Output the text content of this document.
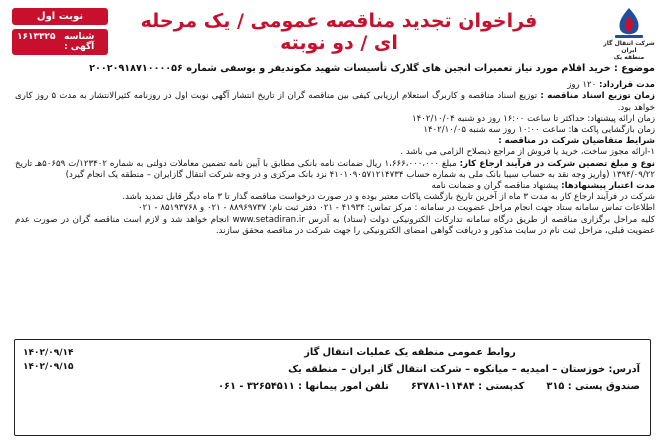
شرکت انتقال گاز ایران
منطقه یک
فراخوان تجدید مناقصه عمومی / یک مرحله ای / دو نوبته
نوبت اول
شناسه آگهی :
۱۶۱۳۳۲۵

موضوع : خرید اقلام مورد نیاز تعمیرات انجین های گلارک تأسیسات شهید مکوندیفر و یوسفی شماره ۲۰۰۲۰۹۱۸۷۱۰۰۰۰۵۶

مدت قرارداد: ۱۲۰ روز

زمان توزیع اسناد مناقصه : توزیع اسناد مناقصه و کاربرگ استعلام ارزیابی کیفی بین مناقصه گران از تاریخ انتشار آگهی نوبت اول در روزنامه کثیرالانتشار به مدت ۵ روز کاری خواهد بود.

زمان ارائه پیشنهاد: حداکثر تا ساعت ۱۶:۰۰ روز دو شنبه ۱۴۰۲/۱۰/۰۴

زمان بازگشایی پاکت ها: ساعت ۱۰:۰۰ روز سه شنبه ۱۴۰۲/۱۰/۰۵

شرایط متقاضیان شرکت در مناقصه :

۱-ارائه مجوز ساخت، خرید یا فروش از مراجع ذیصلاح الزامی می باشد .

نوع و مبلغ تضمین شرکت در فرآیند ارجاع کار: مبلغ ۱،۶۶۶،۰۰۰،۰۰۰ ریال ضمانت نامه بانکی مطابق با آیین نامه تضمین معاملات دولتی به شماره ۱۲۳۴۰۲/ت ۵۰۶۵۹هـ تاریخ ۱۳۹۴/۰۹/۲۲ (واریز وجه نقد به حساب سیبا بانک ملی به شماره حساب ۴۱۰۱۰۹۰۵۷۱۲۱۴۷۳۴ نزد بانک مرکزی و در وجه شرکت انتقال گازایران – منطقه یک انجام گیرد)

مدت اعتبار پیشنهادها: پیشنهاد مناقصه گران و ضمانت نامه

شرکت در فرآیند ارجاع کار به مدت ۳ ماه از آخرین تاریخ بازگشت پاکات معتبر بوده و در صورت درخواست مناقصه گذار تا ۳ ماه دیگر قابل تمدید باشد.

اطلاعات تماس سامانه ستاد جهت انجام مراحل عضویت در سامانه : مرکز تماس: ۴۱۹۳۴ - ۰۲۱ دفتر ثبت نام: ۸۸۹۶۹۷۳۷ - ۰۲۱ و ۸۵۱۹۳۷۶۸ - ۰۲۱

کلیه مراحل برگزاری مناقصه از طریق درگاه سامانه تدارکات الکترونیکی دولت (ستاد) به آدرس www.setadiran.ir انجام خواهد شد و لازم است مناقصه گران در صورت عدم عضویت قبلی، مراحل ثبت نام در سایت مذکور و دریافت گواهی امضای الکترونیکی را جهت شرکت در مناقصه محقق سازند.

روابط عمومی منطقه یک عملیات انتقال گاز
آدرس: خوزستان – امیدیه – میانکوه – شرکت انتقال گاز ایران – منطقه یک
صندوق پستی : ۳۱۵
کدپستی : ۱۱۴۸۴-۶۳۷۸۱
تلفن امور پیمانها : ۳۲۶۵۴۵۱۱ - ۰۶۱
۱۴۰۲/۰۹/۱۴
۱۴۰۲/۰۹/۱۵
